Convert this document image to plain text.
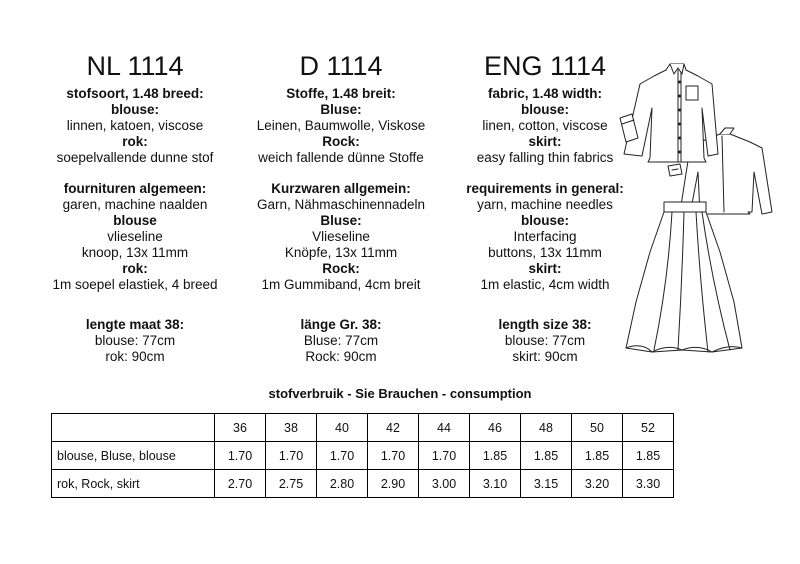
NL 1114
stofsoort, 1.48 breed:
blouse:
linnen, katoen, viscose
rok:
soepelvallende dunne stof
fournituren algemeen:
garen, machine naalden
blouse
vlieseline
knoop, 13x 11mm
rok:
1m soepel elastiek, 4 breed
lengte maat 38:
blouse: 77cm
rok: 90cm
D 1114
Stoffe, 1.48 breit:
Bluse:
Leinen, Baumwolle, Viskose
Rock:
weich fallende dünne Stoffe
Kurzwaren allgemein:
Garn, Nähmaschinennadeln
Bluse:
Vlieseline
Knöpfe, 13x 11mm
Rock:
1m Gummiband, 4cm breit
länge Gr. 38:
Bluse: 77cm
Rock: 90cm
ENG 1114
fabric, 1.48 width:
blouse:
linen, cotton, viscose
skirt:
easy falling thin fabrics
requirements in general:
yarn, machine needles
blouse:
Interfacing
buttons, 13x 11mm
skirt:
1m elastic, 4cm width
length size 38:
blouse: 77cm
skirt: 90cm
stofverbruik - Sie Brauchen - consumption
	36	38	40	42	44	46	48	50	52
blouse, Bluse, blouse	1.70	1.70	1.70	1.70	1.70	1.85	1.85	1.85	1.85
rok, Rock, skirt	2.70	2.75	2.80	2.90	3.00	3.10	3.15	3.20	3.30
